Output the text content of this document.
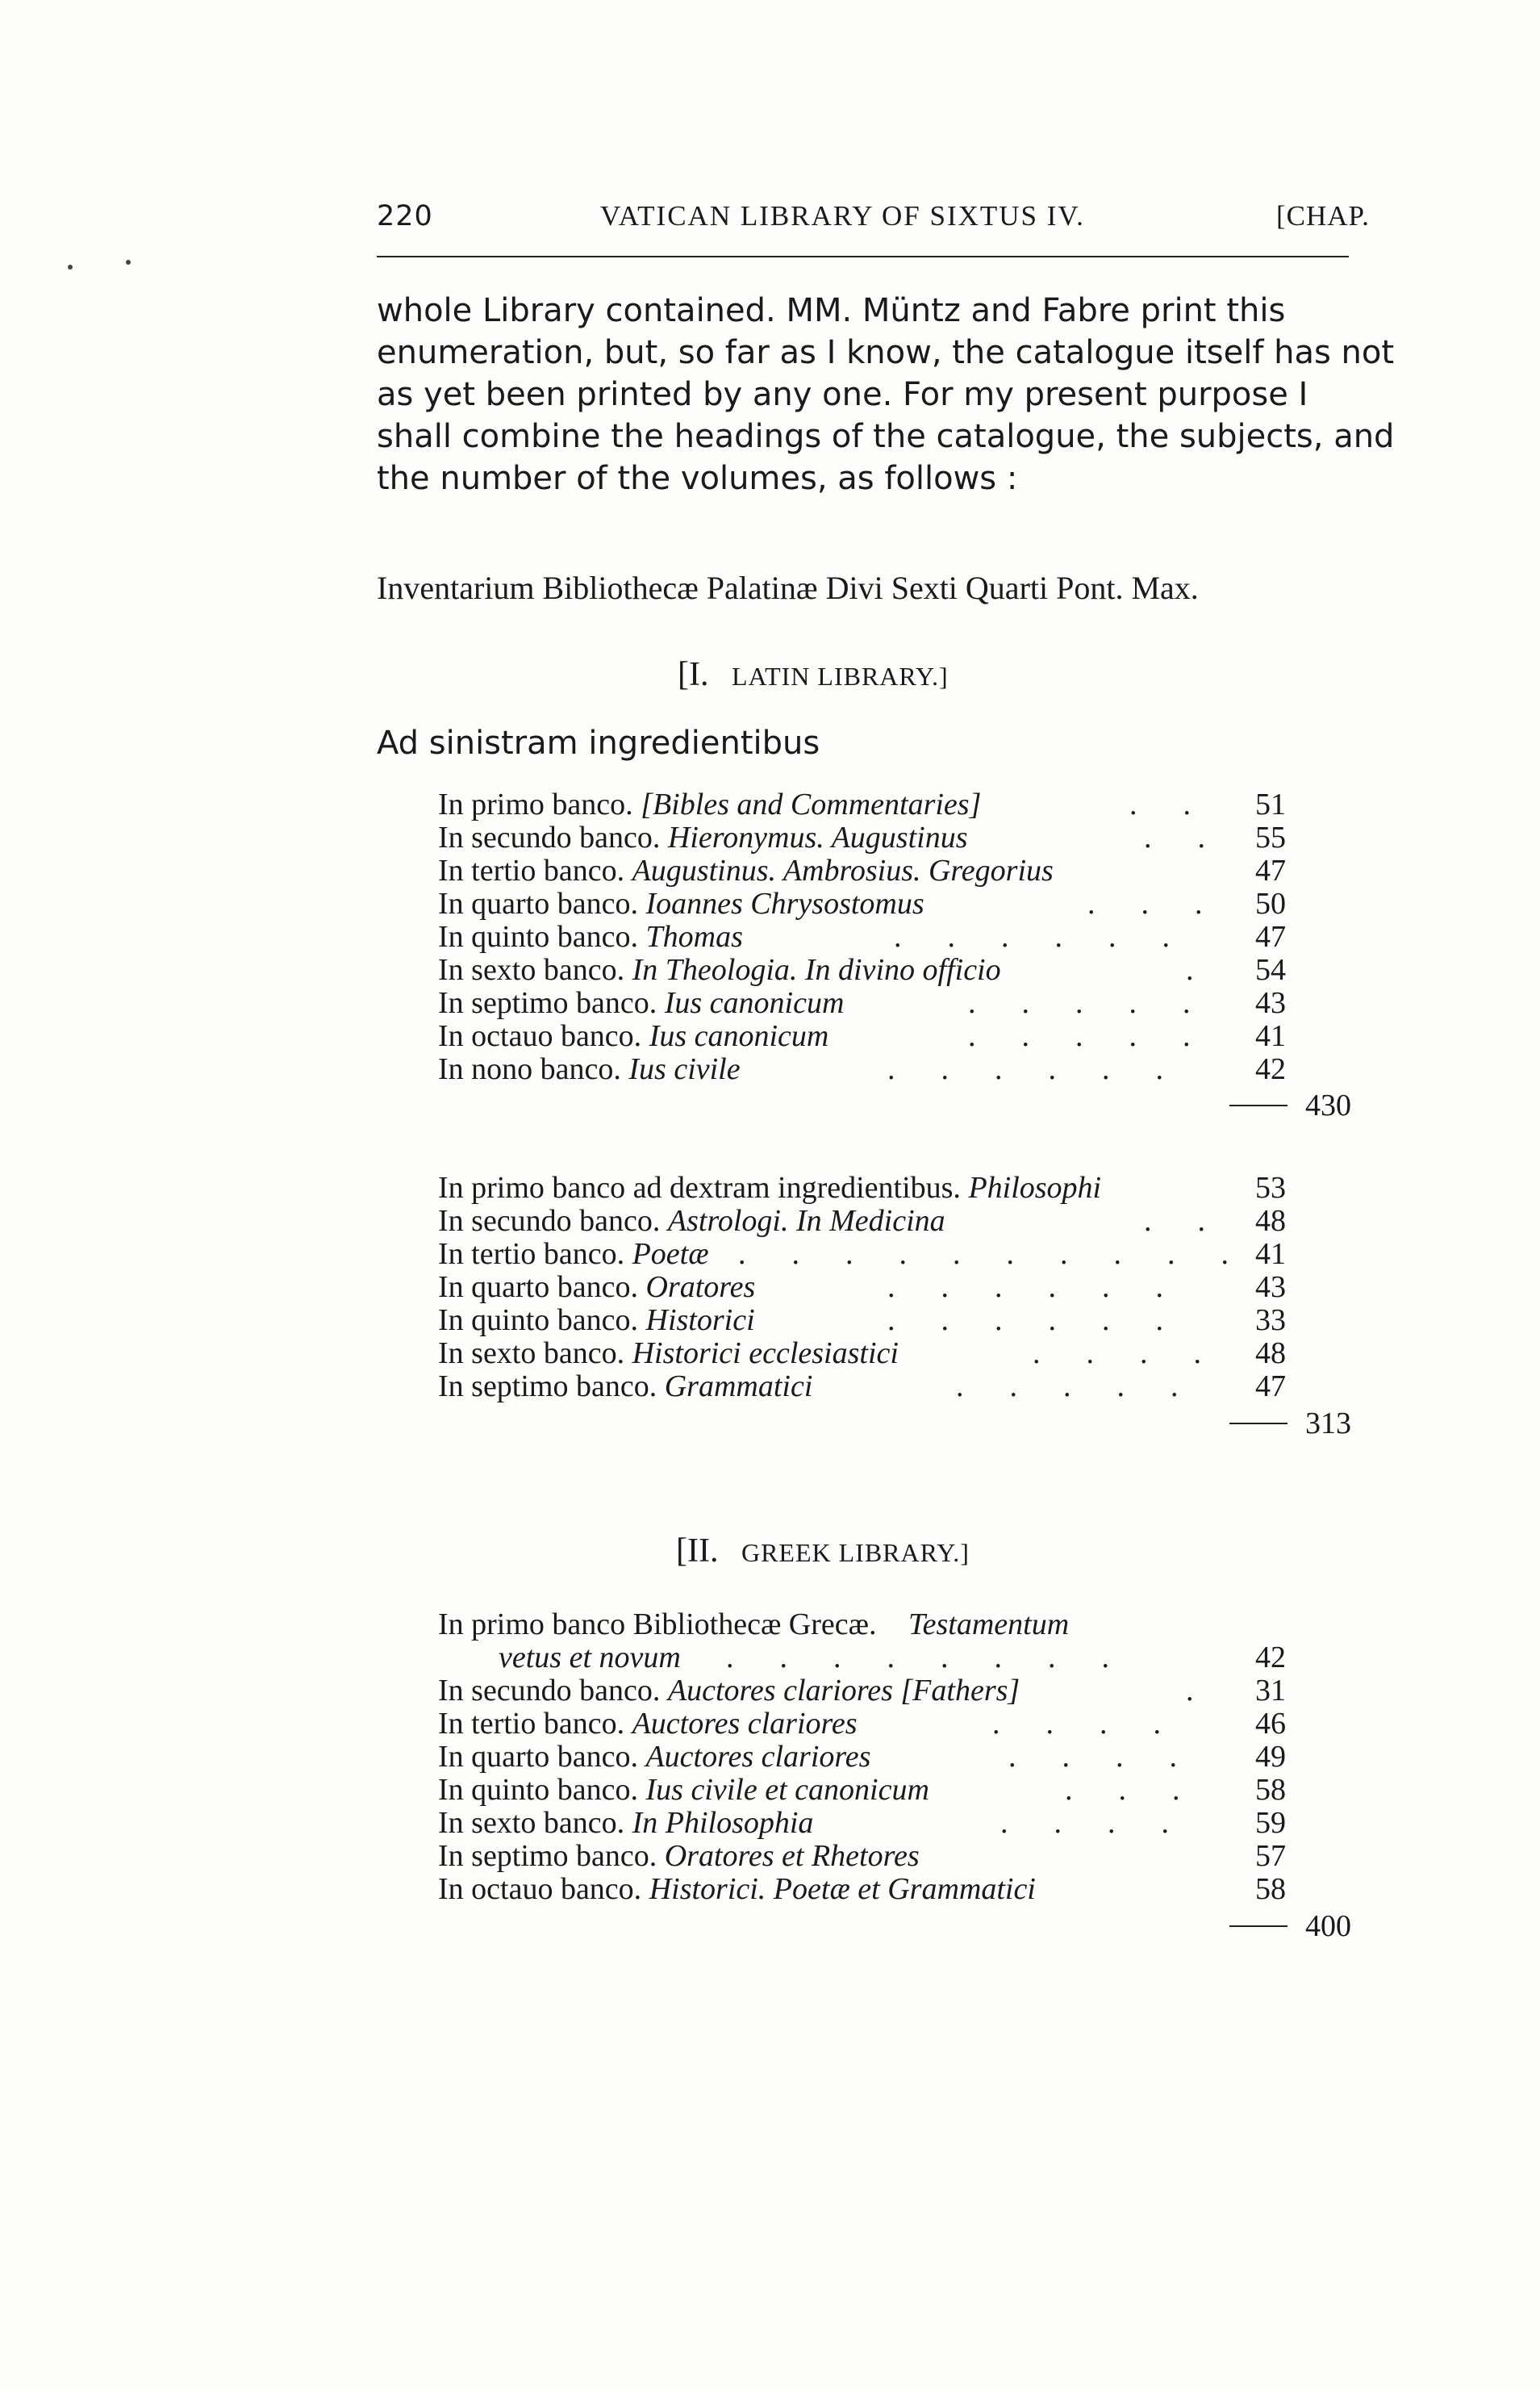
220	VATICAN LIBRARY OF SIXTUS IV.	[CHAP.
whole Library contained. MM. Müntz and Fabre print this
enumeration, but, so far as I know, the catalogue itself has not
as yet been printed by any one. For my present purpose I
shall combine the headings of the catalogue, the subjects, and
the number of the volumes, as follows :
Inventarium Bibliothecæ Palatinæ Divi Sexti Quarti Pont. Max.
[I. LATIN LIBRARY.]
Ad sinistram ingredientibus
In primo banco. [Bibles and Commentaries]	.      . 51
In secundo banco. Hieronymus. Augustinus	.      . 55
In tertio banco. Augustinus. Ambrosius. Gregorius	47
In quarto banco. Ioannes Chrysostomus	.      .      . 50
In quinto banco. Thomas	.      .      .      .      .      .	47
In sexto banco. In Theologia. In divino officio	. 54
In septimo banco. Ius canonicum	.      .      .      .      . 43
In octauo banco. Ius canonicum	.      .      .      .      . 41
In nono banco. Ius civile	.      .      .      .      .      .	42
430
In primo banco ad dextram ingredientibus. Philosophi	53
In secundo banco. Astrologi. In Medicina	.      . 48
In tertio banco. Poetæ .      .      .      .      .      .      .      .      .      . 41
In quarto banco. Oratores	.      .      .      .      .      .	43
In quinto banco. Historici	.      .      .      .      .      .	33
In sexto banco. Historici ecclesiastici	.      .      .      . 48
In septimo banco. Grammatici	.      .      .      .      .	47
313
[II. GREEK LIBRARY.]
In primo banco Bibliothecæ Grecæ. Testamentum
vetus et novum .      .      .      .      .      .      .      .	42
In secundo banco. Auctores clariores [Fathers]	. 31
In tertio banco. Auctores clariores	.      .      .      .	46
In quarto banco. Auctores clariores	.      .      .      .	49
In quinto banco. Ius civile et canonicum	.      .      . 58
In sexto banco. In Philosophia	.      .      .      .	59
In septimo banco. Oratores et Rhetores	57
In octauo banco. Historici. Poetæ et Grammatici	58
400
